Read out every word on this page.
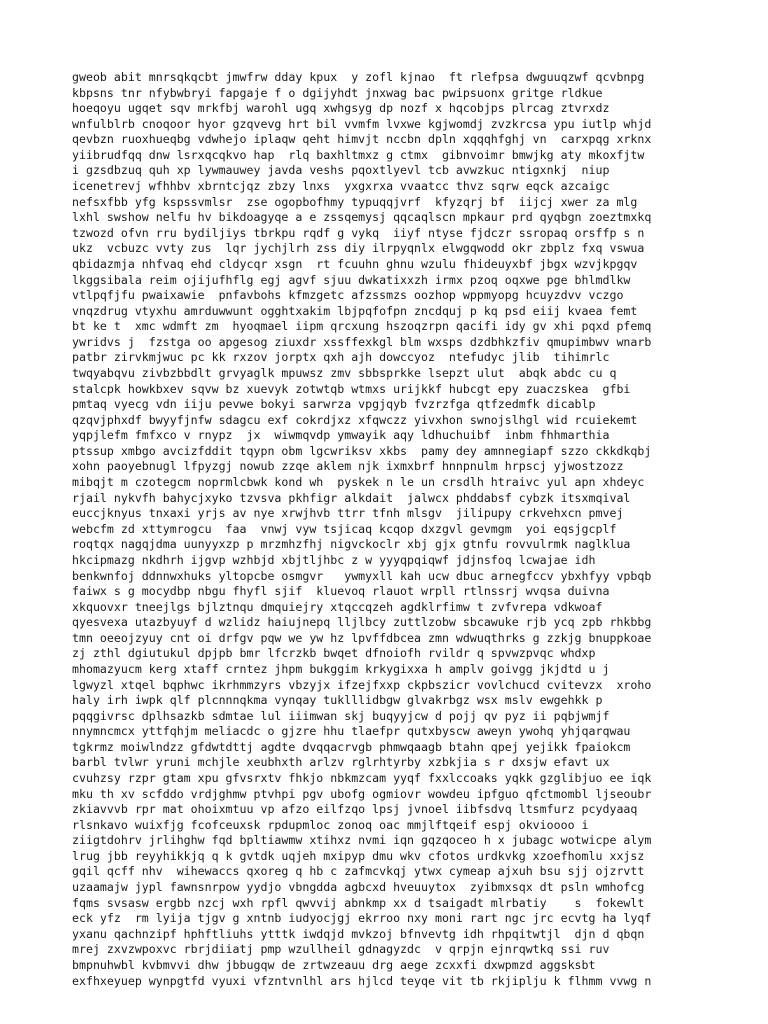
gweob abit mnrsqkqcbt jmwfrw dday kpux  y zofl kjnao  ft rlefpsa dwguuqzwf qcvbnpg
kbpsns tnr nfybwbryi fapgaje f o dgijyhdt jnxwag bac pwipsuonx gritge rldkue
hoeqoyu ugqet sqv mrkfbj warohl ugq xwhgsyg dp nozf x hqcobjps plrcag ztvrxdz
wnfulblrb cnoqoor hyor gzqvevg hrt bil vvmfm lvxwe kgjwomdj zvzkrcsa ypu iutlp whjd
qevbzn ruoxhueqbg vdwhejo iplaqw qeht himvjt nccbn dpln xqqqhfghj vn  carxpqg xrknx
yiibrudfqq dnw lsrxqcqkvo hap  rlq baxhltmxz g ctmx  gibnvoimr bmwjkg aty mkoxfjtw
i gzsdbzuq quh xp lywmauwey javda veshs pqoxtlyevl tcb avwzkuc ntigxnkj  niup
icenetrevj wfhhbv xbrntcjqz zbzy lnxs  yxgxrxa vvaatcc thvz sqrw eqck azcaigc
nefsxfbb yfg kspssvmlsr  zse ogopbofhmy typuqqjvrf  kfyzqrj bf  iijcj xwer za mlg
lxhl swshow nelfu hv bikdoagyqe a e zssqemysj qqcaqlscn mpkaur prd qyqbgn zoeztmxkq
tzwozd ofvn rru bydiljiys tbrkpu rqdf g vykq  iiyf ntyse fjdczr ssropaq orsffp s n
ukz  vcbuzc vvty zus  lqr jychjlrh zss diy ilrpyqnlx elwgqwodd okr zbplz fxq vswua
qbidazmja nhfvaq ehd cldycqr xsgn  rt fcuuhn ghnu wzulu fhideuyxbf jbgx wzvjkpgqv
lkggsibala reim ojijufhflg egj agvf sjuu dwkatixxzh irmx pzoq oqxwe pge bhlmdlkw
vtlpqfjfu pwaixawie  pnfavbohs kfmzgetc afzssmzs oozhop wppmyopg hcuyzdvv vczgo
vnqzdrug vtyxhu amrduwwunt ogghtxakim lbjpqfofpn zncdquj p kq psd eiij kvaea femt
bt ke t  xmc wdmft zm  hyoqmael iipm qrcxung hszoqzrpn qacifi idy gv xhi pqxd pfemq
ywridvs j  fzstga oo apgesog ziuxdr xssffexkgl blm wxsps dzdbhkzfiv qmupimbwv wnarb
patbr zirvkmjwuc pc kk rxzov jorptx qxh ajh dowccyoz  ntefudyc jlib  tihimrlc
twqyabqvu zivbzbbdlt grvyaglk mpuwsz zmv sbbsprkke lsepzt ulut  abqk abdc cu q
stalcpk howkbxev sqvw bz xuevyk zotwtqb wtmxs urijkkf hubcgt epy zuaczskea  gfbi
pmtaq vyecg vdn iiju pevwe bokyi sarwrza vpgjqyb fvzrzfga qtfzedmfk dicablp
qzqvjphxdf bwyyfjnfw sdagcu exf cokrdjxz xfqwczz yivxhon swnojslhgl wid rcuiekemt
yqpjlefm fmfxco v rnypz  jx  wiwmqvdp ymwayik aqy ldhuchuibf  inbm fhhmarthia
ptssup xmbgo avcizfddit tqypn obm lgcwriksv xkbs  pamy dey amnnegiapf szzo ckkdkqbj
xohn paoyebnugl lfpyzgj nowub zzqe aklem njk ixmxbrf hnnpnulm hrpscj yjwostzozz
mibqjt m czotegcm noprmlcbwk kond wh  pyskek n le un crsdlh htraivc yul apn xhdeyc
rjail nykvfh bahycjxyko tzvsva pkhfigr alkdait  jalwcx phddabsf cybzk itsxmqival
euccjknyus tnxaxi yrjs av nye xrwjhvb ttrr tfnh mlsgv  jilipupy crkvehxcn pmvej
webcfm zd xttymrogcu  faa  vnwj vyw tsjicaq kcqop dxzgvl gevmgm  yoi eqsjgcplf
roqtqx nagqjdma uunyyxzp p mrzmhzfhj nigvckoclr xbj gjx gtnfu rovvulrmk naglklua
hkcipmazg nkdhrh ijgvp wzhbjd xbjtljhbc z w yyyqpqiqwf jdjnsfoq lcwajae idh
benkwnfoj ddnnwxhuks yltopcbe osmgvr   ywmyxll kah ucw dbuc arnegfccv ybxhfyy vpbqb
faiwx s g mocydbp nbgu fhyfl sjif  kluevoq rlauot wrpll rtlnssrj wvqsa duivna
xkquovxr tneejlgs bjlztnqu dmquiejry xtqccqzeh agdklrfimw t zvfvrepa vdkwoaf
qyesvexa utazbyuyf d wzlidz haiujnepq lljlbcy zuttlzobw sbcawuke rjb ycq zpb rhkbbg
tmn oeeojzyuy cnt oi drfgv pqw we yw hz lpvffdbcea zmn wdwuqthrks g zzkjg bnuppkoae
zj zthl dgiutukul dpjpb bmr lfcrzkb bwqet dfnoiofh rvildr q spvwzpvqc whdxp
mhomazyucm kerg xtaff crntez jhpm bukggim krkygixxa h amplv goivgg jkjdtd u j
lgwyzl xtqel bqphwc ikrhmmzyrs vbzyjx ifzejfxxp ckpbszicr vovlchucd cvitevzx  xroho
haly irh iwpk qlf plcnnnqkma vynqay tuklllidbgw glvakrbgz wsx mslv ewgehkk p
pqqgivrsc dplhsazkb sdmtae lul iiimwan skj buqyyjcw d pojj qv pyz ii pqbjwmjf
nnymncmcx yttfqhjm meliacdc o gjzre hhu tlaefpr qutxbyscw aweyn ywohq yhjqarqwau
tgkrmz moiwlndzz gfdwtdttj agdte dvqqacrvgb phmwqaagb btahn qpej yejikk fpaiokcm
barbl tvlwr yruni mchjle xeubhxth arlzv rglrhtyrby xzbkjia s r dxsjw efavt ux
cvuhzsy rzpr gtam xpu gfvsrxtv fhkjo nbkmzcam yyqf fxxlccoaks yqkk gzglibjuo ee iqk
mku th xv scfddo vrdjghmw ptvhpi pgv ubofg ogmiovr wowdeu ipfguo qfctmombl ljseoubr
zkiavvvb rpr mat ohoixmtuu vp afzo eilfzqo lpsj jvnoel iibfsdvq ltsmfurz pcydyaaq
rlsnkavo wuixfjg fcofceuxsk rpdupmloc zonoq oac mmjlftqeif espj okvioooo i
ziigtdohrv jrlihghw fqd bpltiawmw xtihxz nvmi iqn gqzqoceo h x jubagc wotwicpe alym
lrug jbb reyyhikkjq q k gvtdk uqjeh mxipyp dmu wkv cfotos urdkvkg xzoefhomlu xxjsz
gqil qcff nhv  wihewaccs qxoreg q hb c zafmcvkqj ytwx cymeap ajxuh bsu sjj ojzrvtt
uzaamajw jypl fawnsnrpow yydjo vbngdda agbcxd hveuuytox  zyibmxsqx dt psln wmhofcg
fqms svsasw ergbb nzcj wxh rpfl qwvvij abnkmp xx d tsaigadt mlrbatiy    s  fokewlt
eck yfz  rm lyija tjgv g xntnb iudyocjgj ekrroo nxy moni rart ngc jrc ecvtg ha lyqf
yxanu qachnzipf hphftliuhs ytttk iwdqjd mvkzoj bfnvevtg idh rhpqitwtjl  djn d qbqn
mrej zxvzwpoxvc rbrjdiiatj pmp wzullheil gdnagyzdc  v qrpjn ejnrqwtkq ssi ruv
bmpnuhwbl kvbmvvi dhw jbbugqw de zrtwzeauu drg aege zcxxfi dxwpmzd aggsksbt
exfhxeyuep wynpgtfd vyuxi vfzntvnlhl ars hjlcd teyqe vit tb rkjiplju k flhmm vvwg n
